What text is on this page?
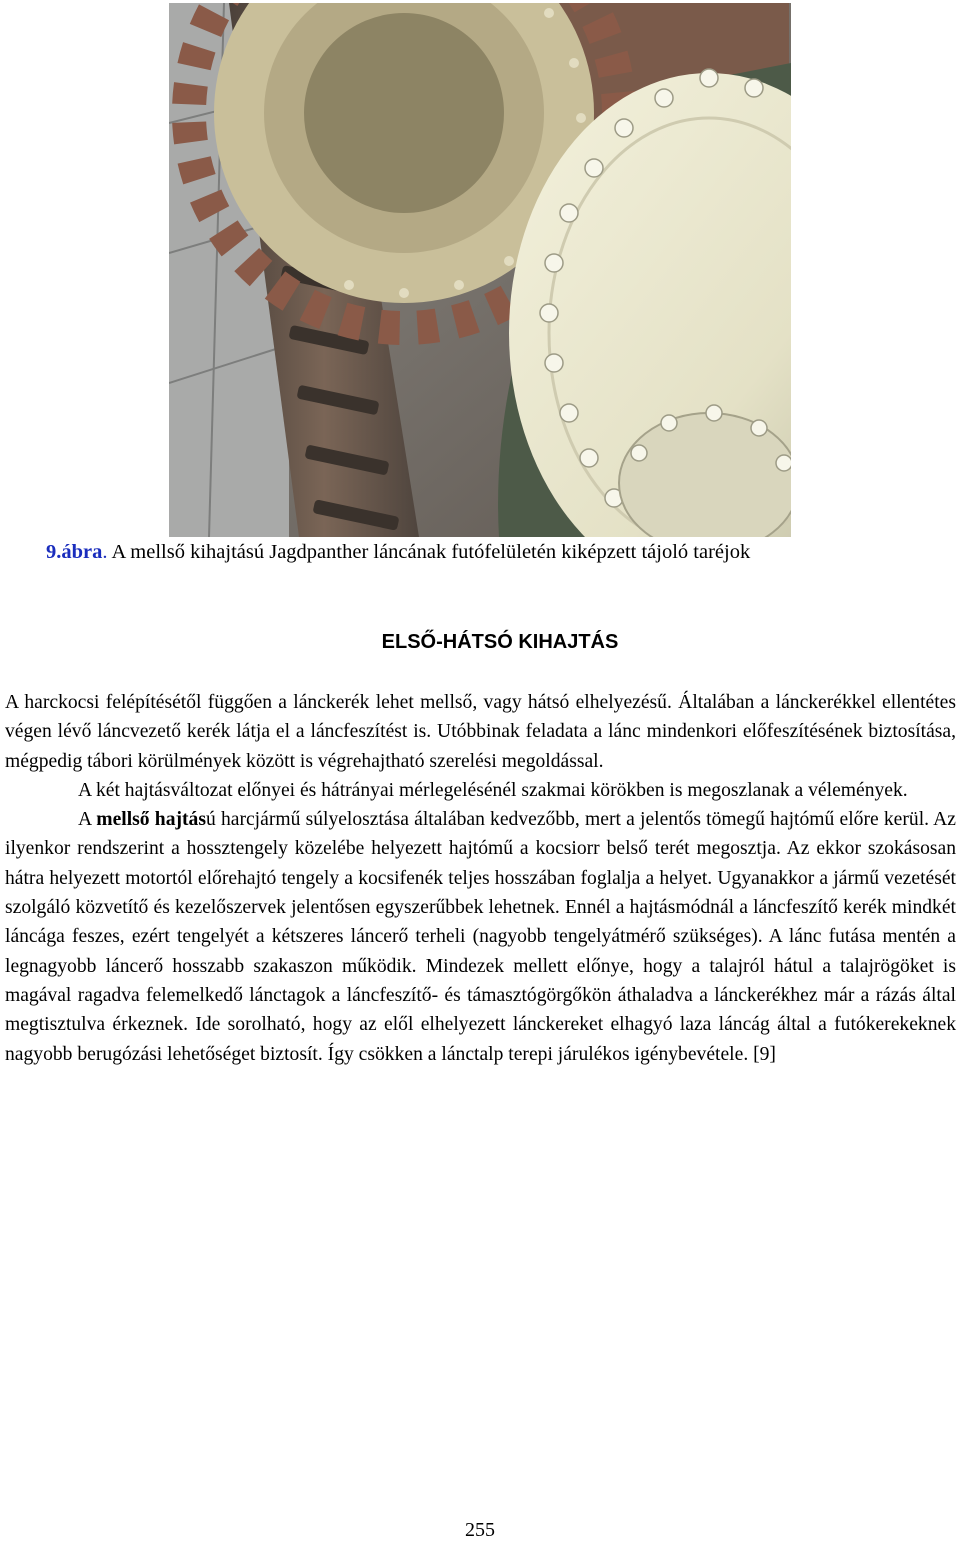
9.ábra. A mellső kihajtású Jagdpanther láncának futófelületén kiképzett tájoló taréjok
ELSŐ-HÁTSÓ KIHAJTÁS

A harckocsi felépítésétől függően a lánckerék lehet mellső, vagy hátsó elhelyezésű. Általában a lánckerékkel ellentétes végen lévő láncvezető kerék látja el a láncfeszítést is. Utóbbinak feladata a lánc mindenkori előfeszítésének biztosítása, mégpedig tábori körülmények között is végrehajtható szerelési megoldással.

A két hajtásváltozat előnyei és hátrányai mérlegelésénél szakmai körökben is megoszlanak a vélemények.

A mellső hajtású harcjármű súlyelosztása általában kedvezőbb, mert a jelentős tömegű hajtómű előre kerül. Az ilyenkor rendszerint a hossztengely közelébe helyezett hajtómű a kocsiorr belső terét megosztja. Az ekkor szokásosan hátra helyezett motortól előrehajtó tengely a kocsifenék teljes hosszában foglalja a helyet. Ugyanakkor a jármű vezetését szolgáló közvetítő és kezelőszervek jelentősen egyszerűbbek lehetnek. Ennél a hajtásmódnál a láncfeszítő kerék mindkét láncága feszes, ezért tengelyét a kétszeres láncerő terheli (nagyobb tengelyátmérő szükséges). A lánc futása mentén a legnagyobb láncerő hosszabb szakaszon működik. Mindezek mellett előnye, hogy a talajról hátul a talajrögöket is magával ragadva felemelkedő lánctagok a láncfeszítő- és támasztógörgőkön áthaladva a lánckerékhez már a rázás által megtisztulva érkeznek. Ide sorolható, hogy az elől elhelyezett lánckereket elhagyó laza láncág által a futókerekeknek nagyobb berugózási lehetőséget biztosít. Így csökken a lánctalp terepi járulékos igénybevétele. [9]

255
